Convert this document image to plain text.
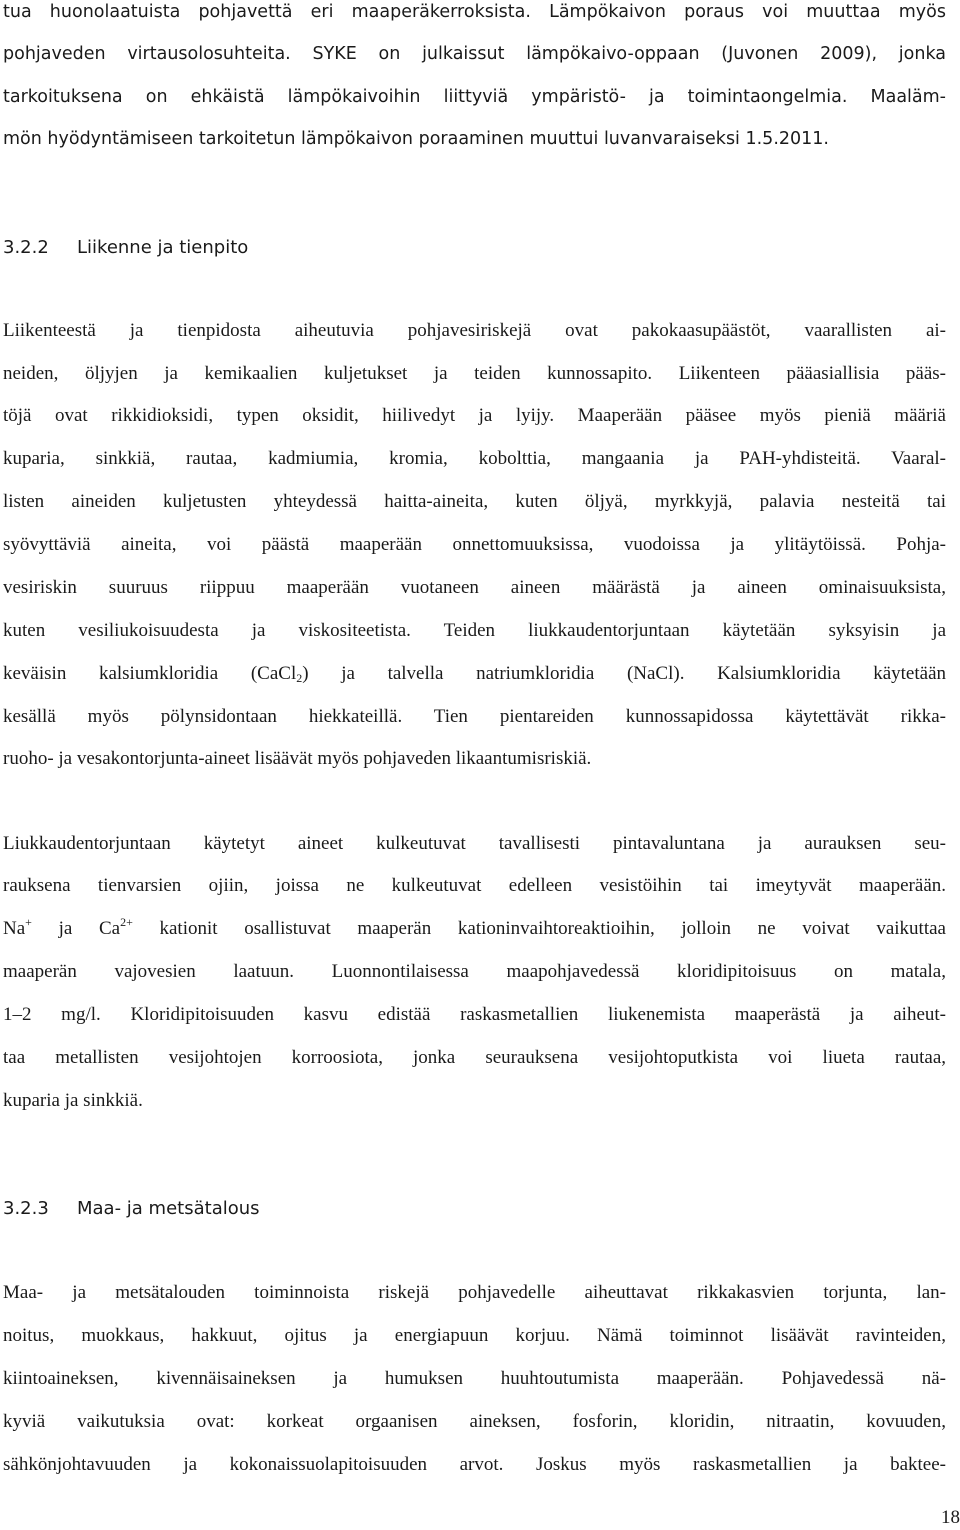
tua huonolaatuista pohjavettä eri maaperäkerroksista. Lämpökaivon poraus voi muuttaa myös
pohjaveden virtausolosuhteita. SYKE on julkaissut lämpökaivo-oppaan (Juvonen 2009), jonka
tarkoituksena on ehkäistä lämpökaivoihin liittyviä ympäristö- ja toimintaongelmia. Maaläm-
mön hyödyntämiseen tarkoitetun lämpökaivon poraaminen muuttui luvanvaraiseksi 1.5.2011.
3.2.2 Liikenne ja tienpito
Liikenteestä ja tienpidosta aiheutuvia pohjavesiriskejä ovat pakokaasupäästöt, vaarallisten ai-
neiden, öljyjen ja kemikaalien kuljetukset ja teiden kunnossapito. Liikenteen pääasiallisia pääs-
töjä ovat rikkidioksidi, typen oksidit, hiilivedyt ja lyijy. Maaperään pääsee myös pieniä määriä
kuparia, sinkkiä, rautaa, kadmiumia, kromia, kobolttia, mangaania ja PAH-yhdisteitä. Vaaral-
listen aineiden kuljetusten yhteydessä haitta-aineita, kuten öljyä, myrkkyjä, palavia nesteitä tai
syövyttäviä aineita, voi päästä maaperään onnettomuuksissa, vuodoissa ja ylitäytöissä. Pohja-
vesiriskin suuruus riippuu maaperään vuotaneen aineen määrästä ja aineen ominaisuuksista,
kuten vesiliukoisuudesta ja viskositeetista. Teiden liukkaudentorjuntaan käytetään syksyisin ja
keväisin kalsiumkloridia (CaCl$_2$) ja talvella natriumkloridia (NaCl). Kalsiumkloridia käytetään
kesällä myös pölynsidontaan hiekkateillä. Tien pientareiden kunnossapidossa käytettävät rikka-
ruoho- ja vesakontorjunta-aineet lisäävät myös pohjaveden likaantumisriskiä.
Liukkaudentorjuntaan käytetyt aineet kulkeutuvat tavallisesti pintavaluntana ja aurauksen seu-
rauksena tienvarsien ojiin, joissa ne kulkeutuvat edelleen vesistöihin tai imeytyvät maaperään.
Na+ ja $Ca^{2+}$ kationit osallistuvat maaperän kationinvaihtoreaktioihin, jolloin ne voivat vaikuttaa
maaperän vajovesien laatuun. Luonnontilaisessa maapohjavedessä kloridipitoisuus on matala,
1–2 mg/l. Kloridipitoisuuden kasvu edistää raskasmetallien liukenemista maaperästä ja aiheut-
taa metallisten vesijohtojen korroosiota, jonka seurauksena vesijohtoputkista voi liueta rautaa,
kuparia ja sinkkiä.
3.2.3 Maa- ja metsätalous
Maa- ja metsätalouden toiminnoista riskejä pohjavedelle aiheuttavat rikkakasvien torjunta, lan-
noitus, muokkaus, hakkuut, ojitus ja energiapuun korjuu. Nämä toiminnot lisäävät ravinteiden,
kiintoaineksen, kivennäisaineksen ja humuksen huuhtoutumista maaperään. Pohjavedessä nä-
kyviä vaikutuksia ovat: korkeat orgaanisen aineksen, fosforin, kloridin, nitraatin, kovuuden,
sähkönjohtavuuden ja kokonaissuolapitoisuuden arvot. Joskus myös raskasmetallien ja baktee-
18
